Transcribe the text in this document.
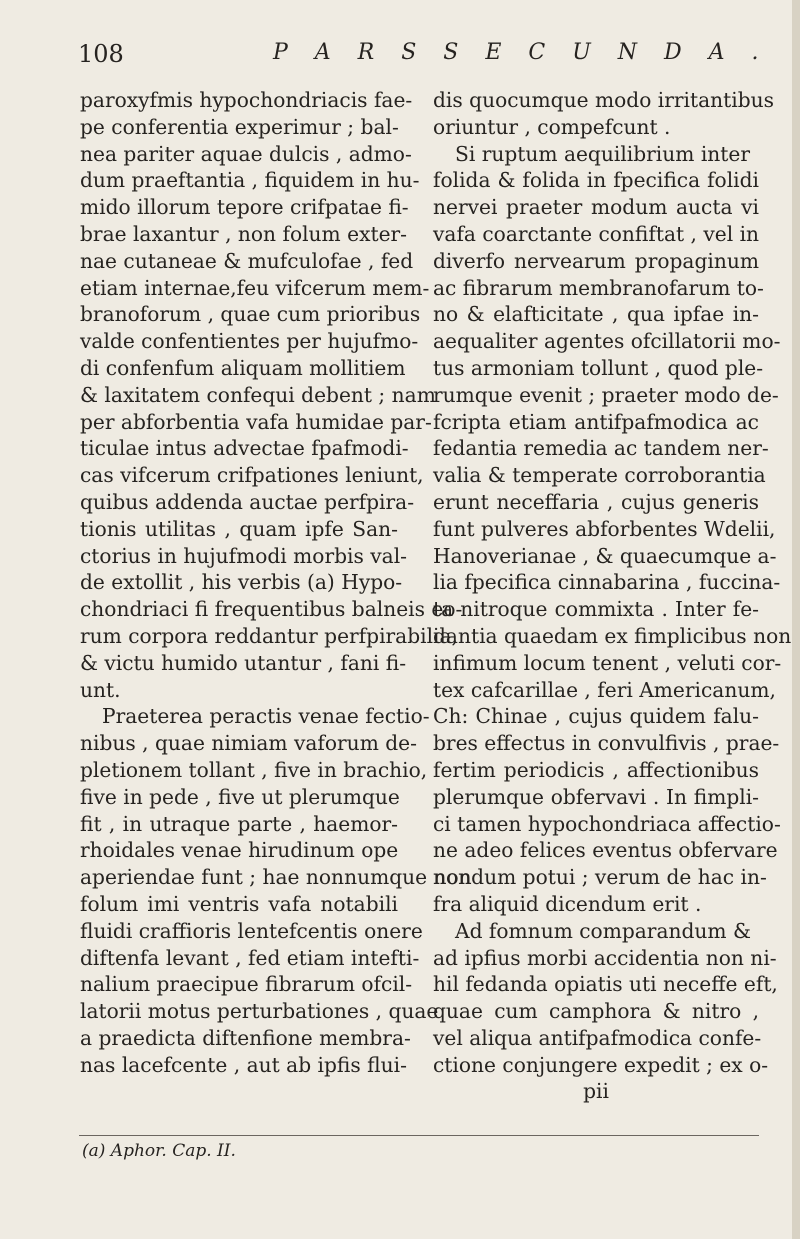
108	P A R S S E C U N D A .
paroxyfmis hypochondriacis fae-
pe conferentia experimur ; bal-
nea pariter aquae dulcis , admo-
dum praeftantia , fiquidem in hu-
mido illorum tepore crifpatae fi-
brae laxantur , non folum exter-
nae cutaneae & mufculofae , fed
etiam internae,feu vifcerum mem-
branoforum , quae cum prioribus
valde confentientes per hujufmo-
di confenfum aliquam mollitiem
& laxitatem confequi debent ; nam
per abforbentia vafa humidae par-
ticulae intus advectae fpafmodi-
cas vifcerum crifpationes leniunt,
quibus addenda auctae perfpira-
tionis utilitas , quam ipfe San-
ctorius in hujufmodi morbis val-
de extollit , his verbis (a) Hypo-
chondriaci fi frequentibus balneis eo-
rum corpora reddantur perfpirabilia,
& victu humido utantur , fani fi-
unt.
Praeterea peractis venae fectio-
nibus , quae nimiam vaforum de-
pletionem tollant , five in brachio,
five in pede , five ut plerumque
fit , in utraque parte , haemor-
rhoidales venae hirudinum ope
aperiendae funt ; hae nonnumque non
folum imi ventris vafa notabili
fluidi craffioris lentefcentis onere
diftenfa levant , fed etiam intefti-
nalium praecipue fibrarum ofcil-
latorii motus perturbationes , quae
a praedicta diftenfione membra-
nas lacefcente , aut ab ipfis flui-
dis quocumque modo irritantibus
oriuntur , compefcunt .
Si ruptum aequilibrium inter
folida & folida in fpecifica folidi
nervei praeter modum aucta vi
vafa coarctante confiftat , vel in
diverfo nervearum propaginum
ac fibrarum membranofarum to-
no & elafticitate , qua ipfae in-
aequaliter agentes ofcillatorii mo-
tus armoniam tollunt , quod ple-
rumque evenit ; praeter modo de-
fcripta etiam antifpafmodica ac
fedantia remedia ac tandem ner-
valia & temperate corroborantia
erunt neceffaria , cujus generis
funt pulveres abforbentes Wdelii,
Hanoverianae , & quaecumque a-
lia fpecifica cinnabarina , fuccina-
ta nitroque commixta . Inter fe-
dantia quaedam ex fimplicibus non
infimum locum tenent , veluti cor-
tex cafcarillae , feri Americanum,
Ch: Chinae , cujus quidem falu-
bres effectus in convulfivis , prae-
fertim periodicis , affectionibus
plerumque obfervavi . In fimpli-
ci tamen hypochondriaca affectio-
ne adeo felices eventus obfervare
nondum potui ; verum de hac in-
fra aliquid dicendum erit .
Ad fomnum comparandum &
ad ipfius morbi accidentia non ni-
hil fedanda opiatis uti neceffe eft,
quae cum camphora & nitro ,
vel aliqua antifpafmodica confe-
ctione conjungere expedit ; ex o-
pii
(a) Aphor. Cap. II.
